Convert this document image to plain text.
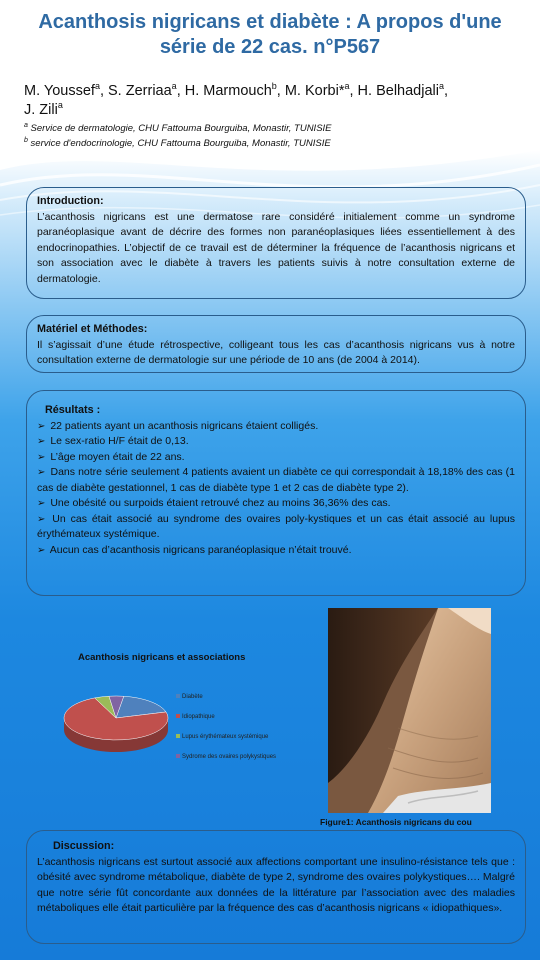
Acanthosis nigricans et diabète : A propos d'une
série de 22 cas. n°P567
M. Youssef$^a$, S. Zerriaa$^a$, H. Marmouch$^b$, M. Korbi*$^a$, H. Belhadjali$^a$,
J. Zili$^a$
$^a$ Service de dermatologie, CHU Fattouma Bourguiba, Monastir, TUNISIE
$^b$ service d'endocrinologie, CHU Fattouma Bourguiba, Monastir, TUNISIE
Introduction:
L’acanthosis nigricans est une dermatose rare considéré initialement comme un syndrome paranéoplasique avant de décrire des formes non paranéoplasiques liées essentiellement à des endocrinopathies. L’objectif de ce travail est de déterminer la fréquence de l’acanthosis nigricans et son association avec le diabète à travers les patients suivis à notre consultation externe de dermatologie.
Matériel et Méthodes:
Il s’agissait d’une étude rétrospective, colligeant tous les cas d’acanthosis nigricans vus à notre consultation externe de dermatologie sur une période de 10 ans (de 2004 à 2014).
Résultats :
➢ 22 patients ayant un acanthosis nigricans étaient colligés.
➢ Le sex-ratio H/F était de 0,13.
➢ L’âge moyen était de 22 ans.
➢ Dans notre série seulement 4 patients avaient un diabète ce qui correspondait à 18,18% des cas (1 cas de diabète gestationnel, 1 cas de diabète type 1 et 2 cas de diabète type 2).
➢ Une obésité ou surpoids étaient retrouvé chez au moins 36,36% des cas.
➢ Un cas était associé au syndrome des ovaires poly-kystiques et un cas était associé au lupus érythémateux systémique.
➢ Aucun cas d’acanthosis nigricans paranéoplasique n’était trouvé.
Diabète
Idiopathique
Lupus érythémateux systémique
Sydrome des ovaires polykystiques
Acanthosis nigricans et associations
Figure1: Acanthosis nigricans du cou
Discussion:
L’acanthosis nigricans est surtout associé aux affections comportant une insulino-résistance tels que : obésité avec syndrome métabolique, diabète de type 2, syndrome des ovaires polykystiques…. Malgré que notre série fût concordante aux données de la littérature par l’association avec des maladies métaboliques elle était particulière par la fréquence des cas d’acanthosis nigricans « idiopathiques».
